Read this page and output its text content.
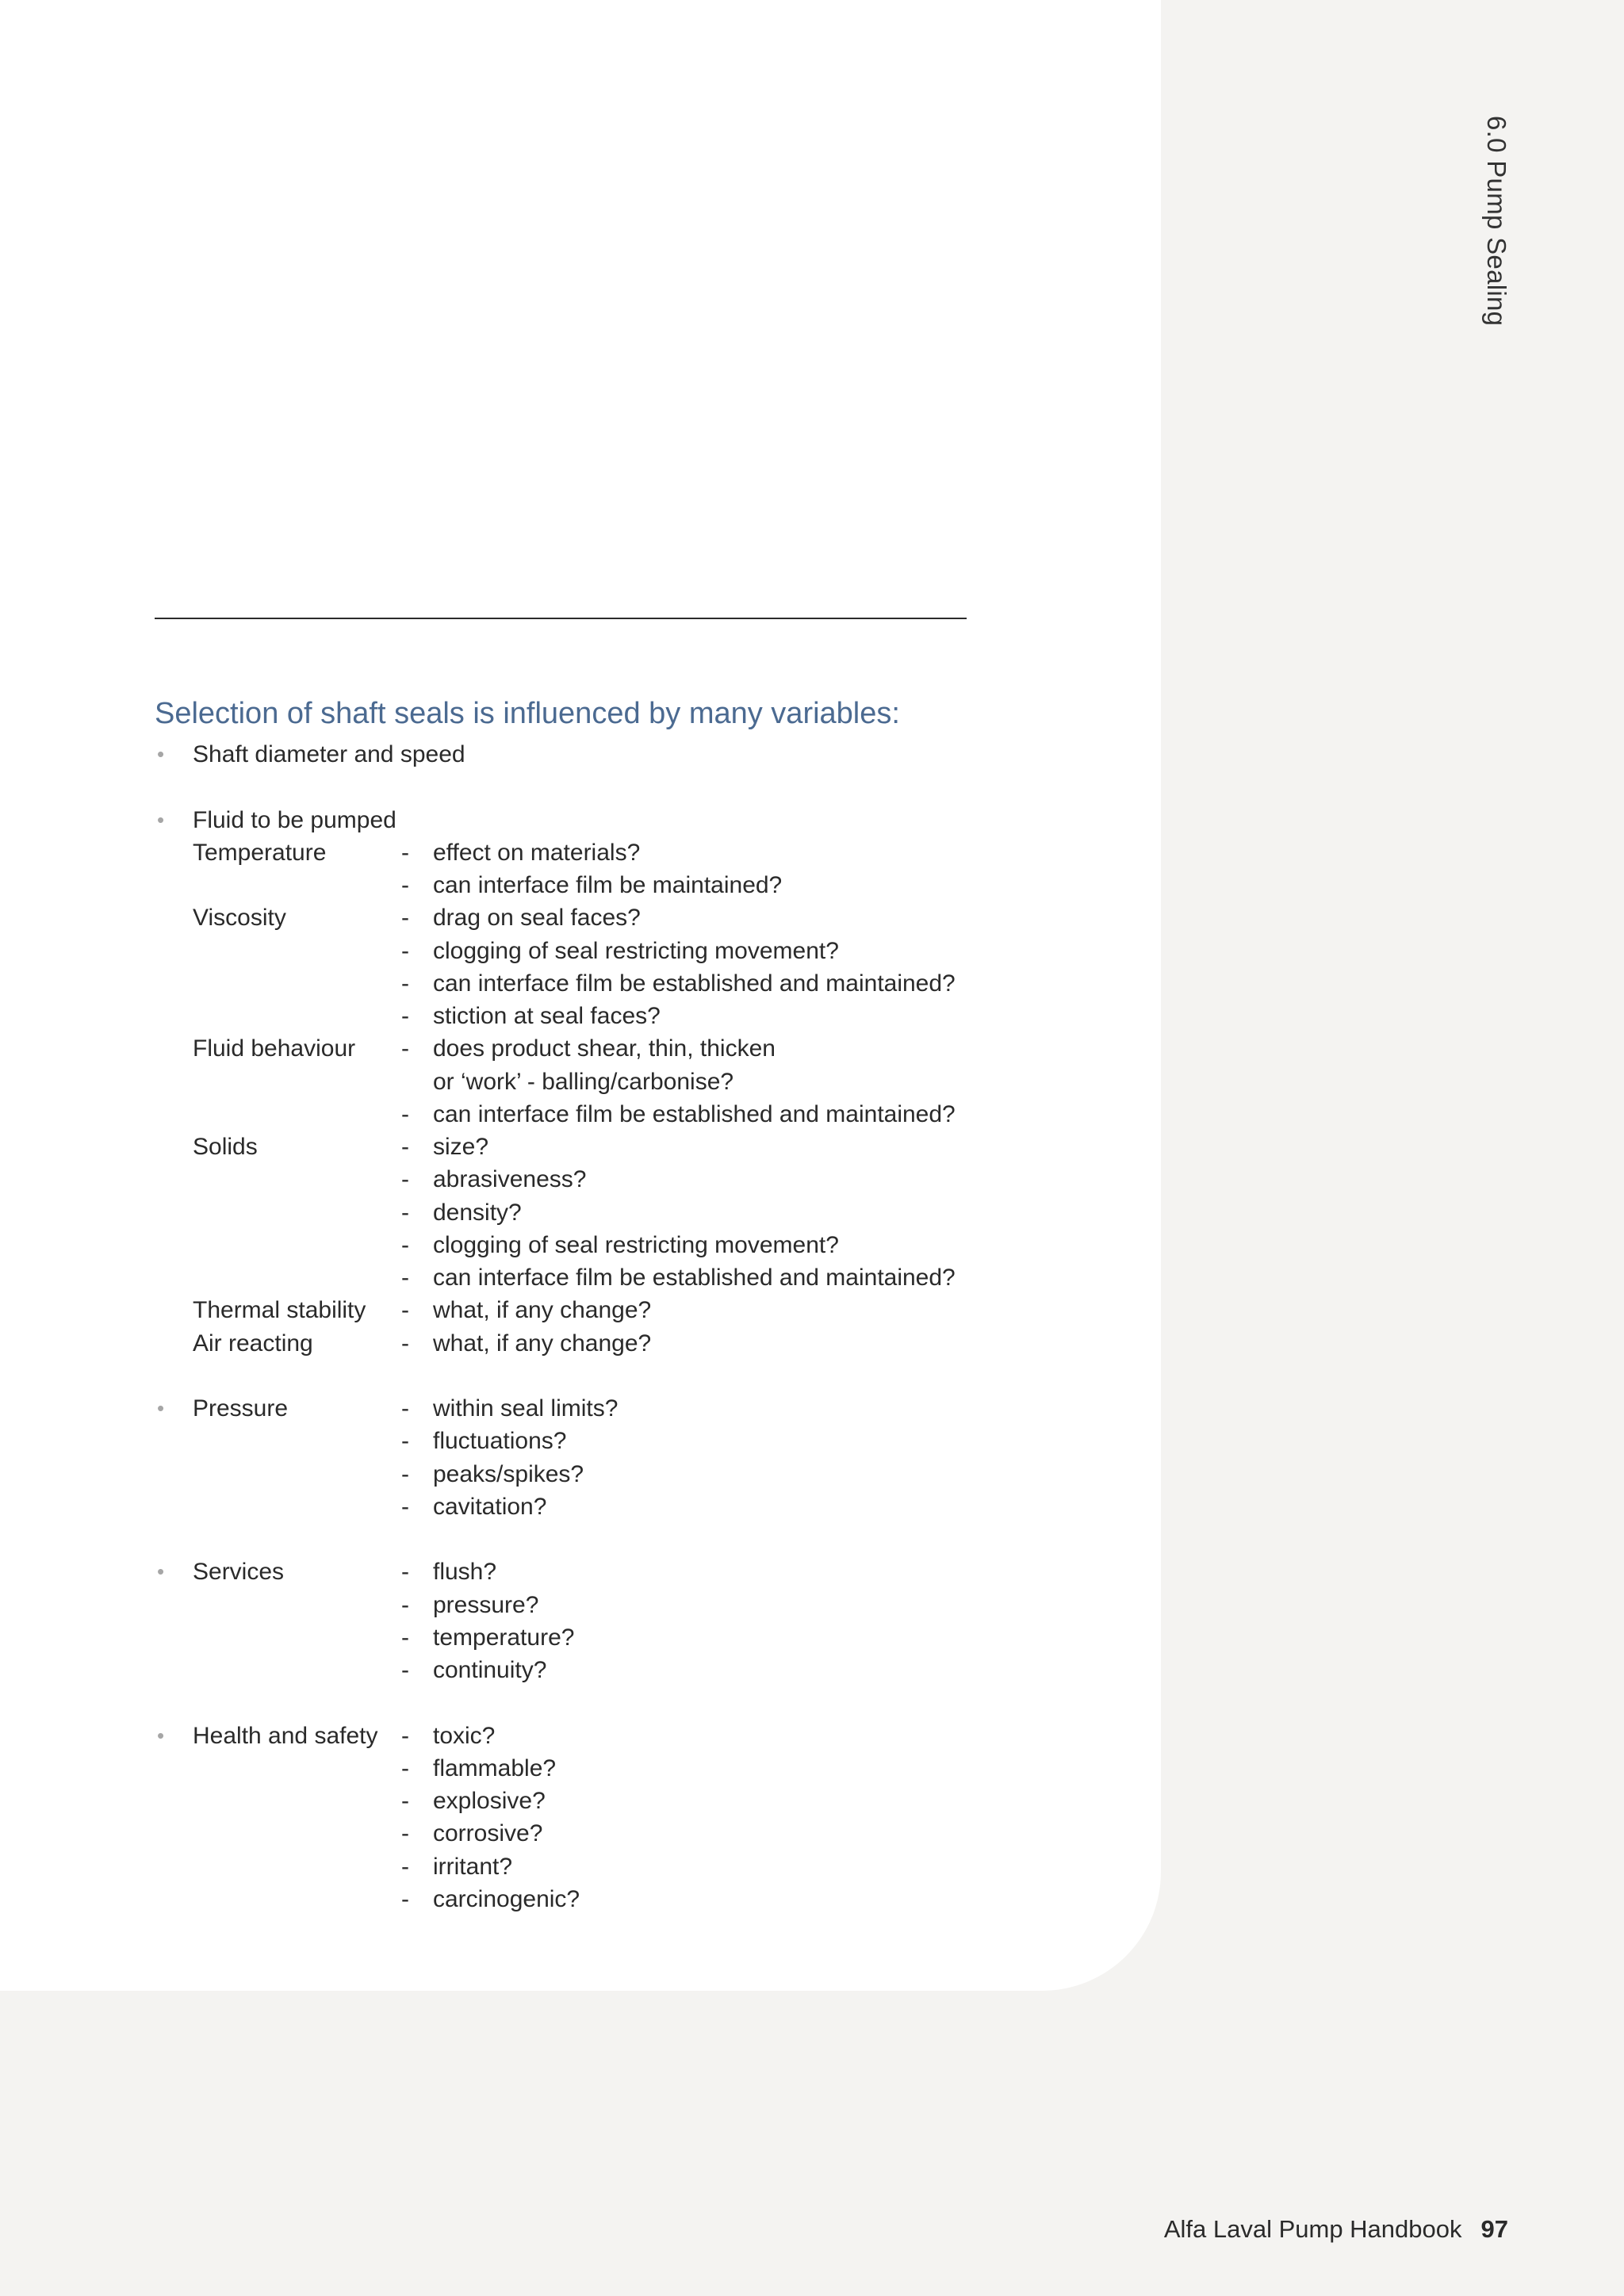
6.0 Pump Sealing
Selection of shaft seals is influenced by many variables:
• Shaft diameter and speed
• Fluid to be pumped
Temperature	- effect on materials?
- can interface film be maintained?
Viscosity	- drag on seal faces?
- clogging of seal restricting movement?
- can interface film be established and maintained?
- stiction at seal faces?
Fluid behaviour - does product shear, thin, thicken
or ‘work’ - balling/carbonise?
- can interface film be established and maintained?
Solids	- size?
- abrasiveness?
- density?
- clogging of seal restricting movement?
- can interface film be established and maintained?
Thermal stability - what, if any change?
Air reacting	- what, if any change?
• Pressure	- within seal limits?
- fluctuations?
- peaks/spikes?
- cavitation?
• Services	- flush?
- pressure?
- temperature?
- continuity?
• Health and safety - toxic?
- flammable?
- explosive?
- corrosive?
- irritant?
- carcinogenic?
Alfa Laval Pump Handbook 97
